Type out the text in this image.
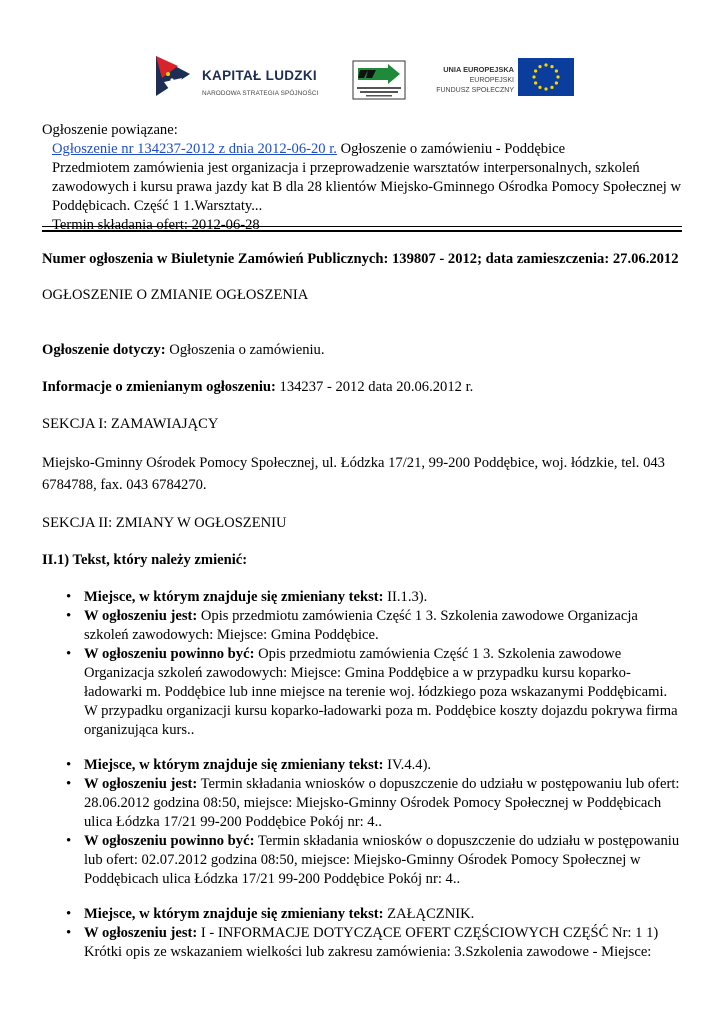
KAPITAŁ LUDZKI
NARODOWA STRATEGIA SPÓJNOŚCI
UNIA EUROPEJSKA
EUROPEJSKI
FUNDUSZ SPOŁECZNY

Ogłoszenie powiązane:

Ogłoszenie nr 134237-2012 z dnia 2012-06-20 r. Ogłoszenie o zamówieniu - Poddębice
Przedmiotem zamówienia jest organizacja i przeprowadzenie warsztatów interpersonalnych, szkoleń zawodowych i kursu prawa jazdy kat B dla 28 klientów Miejsko-Gminnego Ośrodka Pomocy Społecznej w Poddębicach. Część 1 1.Warsztaty...
Termin składania ofert: 2012-06-28

Numer ogłoszenia w Biuletynie Zamówień Publicznych: 139807 - 2012; data zamieszczenia: 27.06.2012

OGŁOSZENIE O ZMIANIE OGŁOSZENIA

Ogłoszenie dotyczy: Ogłoszenia o zamówieniu.

Informacje o zmienianym ogłoszeniu: 134237 - 2012 data 20.06.2012 r.

SEKCJA I: ZAMAWIAJĄCY

Miejsko-Gminny Ośrodek Pomocy Społecznej, ul. Łódzka 17/21, 99-200 Poddębice, woj. łódzkie, tel. 043 6784788, fax. 043 6784270.

SEKCJA II: ZMIANY W OGŁOSZENIU

II.1) Tekst, który należy zmienić:

• Miejsce, w którym znajduje się zmieniany tekst: II.1.3).
• W ogłoszeniu jest: Opis przedmiotu zamówienia Część 1 3. Szkolenia zawodowe Organizacja szkoleń zawodowych: Miejsce: Gmina Poddębice.
• W ogłoszeniu powinno być: Opis przedmiotu zamówienia Część 1 3. Szkolenia zawodowe Organizacja szkoleń zawodowych: Miejsce: Gmina Poddębice a w przypadku kursu koparko-ładowarki m. Poddębice lub inne miejsce na terenie woj. łódzkiego poza wskazanymi Poddębicami. W przypadku organizacji kursu koparko-ładowarki poza m. Poddębice koszty dojazdu pokrywa firma organizująca kurs..
• Miejsce, w którym znajduje się zmieniany tekst: IV.4.4).
• W ogłoszeniu jest: Termin składania wniosków o dopuszczenie do udziału w postępowaniu lub ofert: 28.06.2012 godzina 08:50, miejsce: Miejsko-Gminny Ośrodek Pomocy Społecznej w Poddębicach ulica Łódzka 17/21 99-200 Poddębice Pokój nr: 4..
• W ogłoszeniu powinno być: Termin składania wniosków o dopuszczenie do udziału w postępowaniu lub ofert: 02.07.2012 godzina 08:50, miejsce: Miejsko-Gminny Ośrodek Pomocy Społecznej w Poddębicach ulica Łódzka 17/21 99-200 Poddębice Pokój nr: 4..
• Miejsce, w którym znajduje się zmieniany tekst: ZAŁĄCZNIK.
• W ogłoszeniu jest: I - INFORMACJE DOTYCZĄCE OFERT CZĘŚCIOWYCH CZĘŚĆ Nr: 1 1) Krótki opis ze wskazaniem wielkości lub zakresu zamówienia: 3.Szkolenia zawodowe - Miejsce:
